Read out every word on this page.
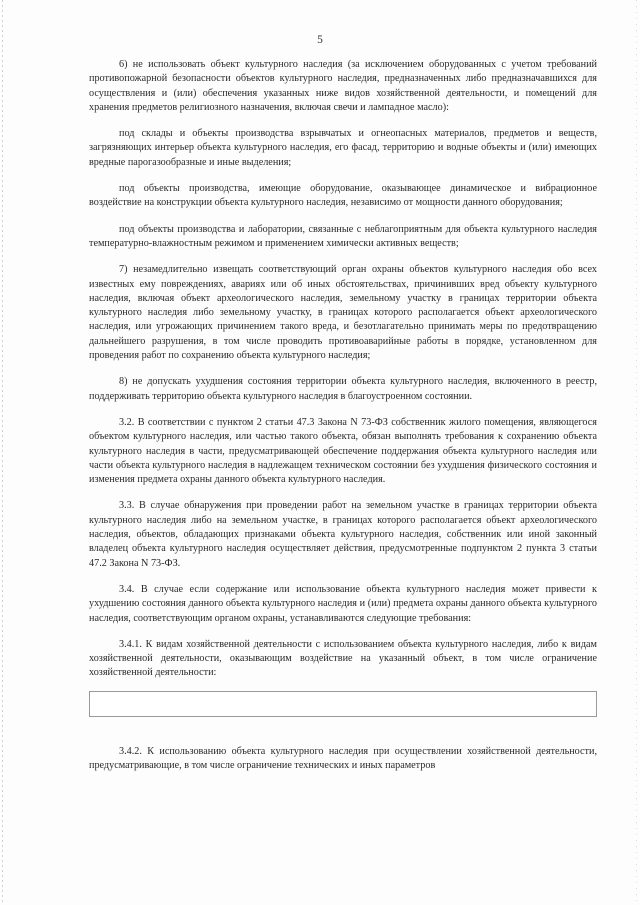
5

6) не использовать объект культурного наследия (за исключением оборудованных с учетом требований противопожарной безопасности объектов культурного наследия, предназначенных либо предназначавшихся для осуществления и (или) обеспечения указанных ниже видов хозяйственной деятельности, и помещений для хранения предметов религиозного назначения, включая свечи и лампадное масло):

под склады и объекты производства взрывчатых и огнеопасных материалов, предметов и веществ, загрязняющих интерьер объекта культурного наследия, его фасад, территорию и водные объекты и (или) имеющих вредные парогазообразные и иные выделения;

под объекты производства, имеющие оборудование, оказывающее динамическое и вибрационное воздействие на конструкции объекта культурного наследия, независимо от мощности данного оборудования;

под объекты производства и лаборатории, связанные с неблагоприятным для объекта культурного наследия температурно-влажностным режимом и применением химически активных веществ;

7) незамедлительно извещать соответствующий орган охраны объектов культурного наследия обо всех известных ему повреждениях, авариях или об иных обстоятельствах, причинивших вред объекту культурного наследия, включая объект археологического наследия, земельному участку в границах территории объекта культурного наследия либо земельному участку, в границах которого располагается объект археологического наследия, или угрожающих причинением такого вреда, и безотлагательно принимать меры по предотвращению дальнейшего разрушения, в том числе проводить противоаварийные работы в порядке, установленном для проведения работ по сохранению объекта культурного наследия;

8) не допускать ухудшения состояния территории объекта культурного наследия, включенного в реестр, поддерживать территорию объекта культурного наследия в благоустроенном состоянии.

3.2. В соответствии с пунктом 2 статьи 47.3 Закона N 73-ФЗ собственник жилого помещения, являющегося объектом культурного наследия, или частью такого объекта, обязан выполнять требования к сохранению объекта культурного наследия в части, предусматривающей обеспечение поддержания объекта культурного наследия или части объекта культурного наследия в надлежащем техническом состоянии без ухудшения физического состояния и изменения предмета охраны данного объекта культурного наследия.

3.3. В случае обнаружения при проведении работ на земельном участке в границах территории объекта культурного наследия либо на земельном участке, в границах которого располагается объект археологического наследия, объектов, обладающих признаками объекта культурного наследия, собственник или иной законный владелец объекта культурного наследия осуществляет действия, предусмотренные подпунктом 2 пункта 3 статьи 47.2 Закона N 73-ФЗ.

3.4. В случае если содержание или использование объекта культурного наследия может привести к ухудшению состояния данного объекта культурного наследия и (или) предмета охраны данного объекта культурного наследия, соответствующим органом охраны, устанавливаются следующие требования:

3.4.1. К видам хозяйственной деятельности с использованием объекта культурного наследия, либо к видам хозяйственной деятельности, оказывающим воздействие на указанный объект, в том числе ограничение хозяйственной деятельности:

3.4.2. К использованию объекта культурного наследия при осуществлении хозяйственной деятельности, предусматривающие, в том числе ограничение технических и иных параметров
